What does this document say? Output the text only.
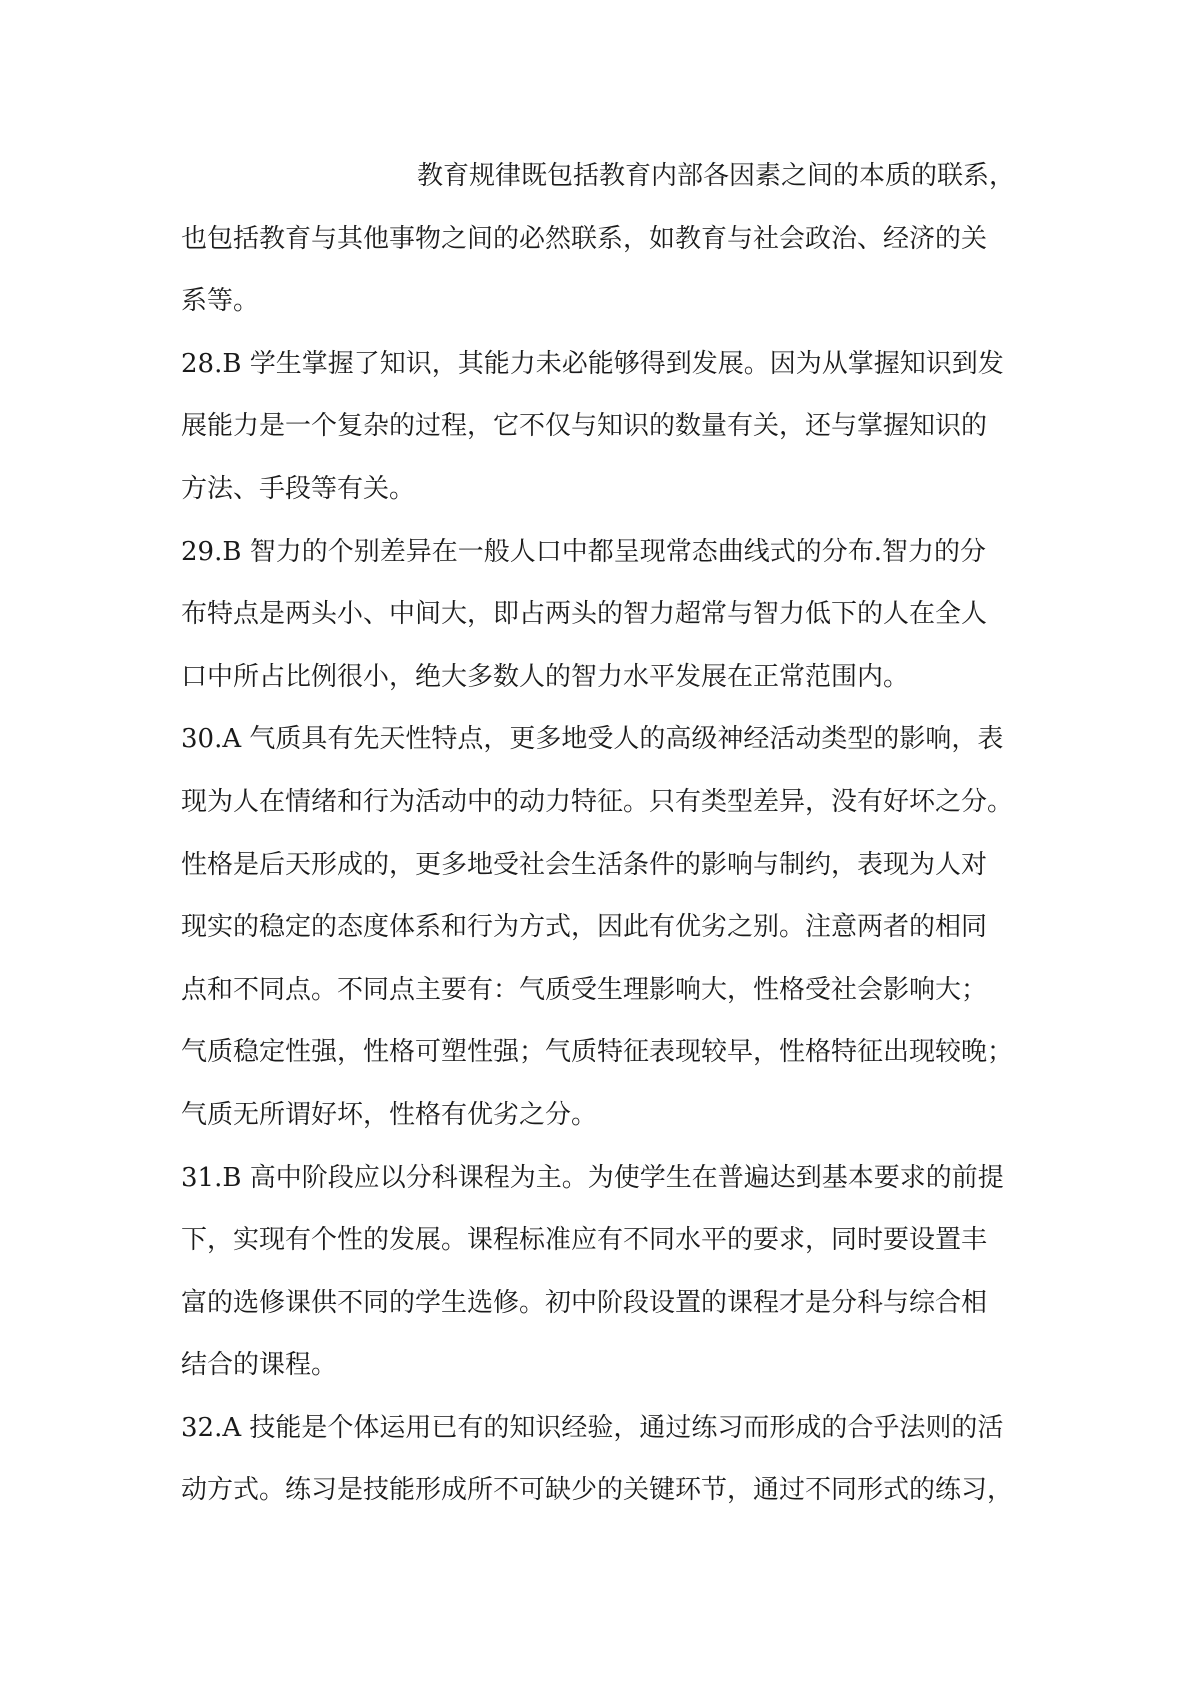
教育规律既包括教育内部各因素之间的本质的联系，
也包括教育与其他事物之间的必然联系，如教育与社会政治、经济的关
系等。
28.B 学生掌握了知识，其能力未必能够得到发展。因为从掌握知识到发
展能力是一个复杂的过程，它不仅与知识的数量有关，还与掌握知识的
方法、手段等有关。
29.B 智力的个别差异在一般人口中都呈现常态曲线式的分布.智力的分
布特点是两头小、中间大，即占两头的智力超常与智力低下的人在全人
口中所占比例很小，绝大多数人的智力水平发展在正常范围内。
30.A 气质具有先天性特点，更多地受人的高级神经活动类型的影响，表
现为人在情绪和行为活动中的动力特征。只有类型差异，没有好坏之分。
性格是后天形成的，更多地受社会生活条件的影响与制约，表现为人对
现实的稳定的态度体系和行为方式，因此有优劣之别。注意两者的相同
点和不同点。不同点主要有：气质受生理影响大，性格受社会影响大；
气质稳定性强，性格可塑性强；气质特征表现较早，性格特征出现较晚；
气质无所谓好坏，性格有优劣之分。
31.B 高中阶段应以分科课程为主。为使学生在普遍达到基本要求的前提
下，实现有个性的发展。课程标准应有不同水平的要求，同时要设置丰
富的选修课供不同的学生选修。初中阶段设置的课程才是分科与综合相
结合的课程。
32.A 技能是个体运用已有的知识经验，通过练习而形成的合乎法则的活
动方式。练习是技能形成所不可缺少的关键环节，通过不同形式的练习，
